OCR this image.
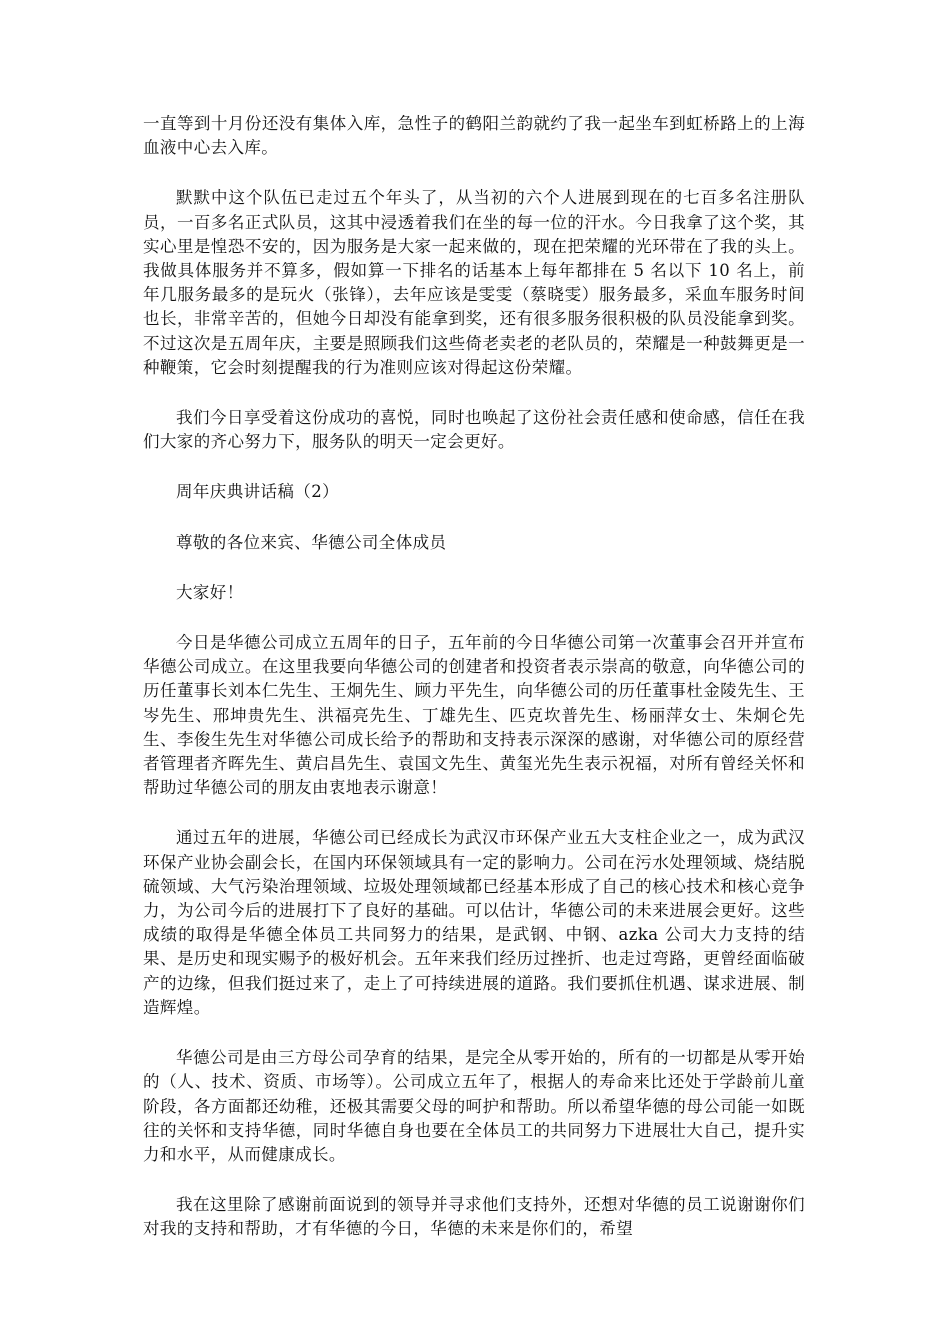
一直等到十月份还没有集体入库，急性子的鹤阳兰韵就约了我一起坐车到虹桥路上的上海血液中心去入库。

默默中这个队伍已走过五个年头了，从当初的六个人进展到现在的七百多名注册队员，一百多名正式队员，这其中浸透着我们在坐的每一位的汗水。今日我拿了这个奖，其实心里是惶恐不安的，因为服务是大家一起来做的，现在把荣耀的光环带在了我的头上。我做具体服务并不算多，假如算一下排名的话基本上每年都排在 5 名以下 10 名上，前年几服务最多的是玩火（张锋），去年应该是雯雯（蔡晓雯）服务最多，采血车服务时间也长，非常辛苦的，但她今日却没有能拿到奖，还有很多服务很积极的队员没能拿到奖。不过这次是五周年庆，主要是照顾我们这些倚老卖老的老队员的，荣耀是一种鼓舞更是一种鞭策，它会时刻提醒我的行为准则应该对得起这份荣耀。

我们今日享受着这份成功的喜悦，同时也唤起了这份社会责任感和使命感，信任在我们大家的齐心努力下，服务队的明天一定会更好。

周年庆典讲话稿（2）

尊敬的各位来宾、华德公司全体成员

大家好！

今日是华德公司成立五周年的日子，五年前的今日华德公司第一次董事会召开并宣布华德公司成立。在这里我要向华德公司的创建者和投资者表示崇高的敬意，向华德公司的历任董事长刘本仁先生、王炯先生、顾力平先生，向华德公司的历任董事杜金陵先生、王岑先生、邢坤贵先生、洪福亮先生、丁雄先生、匹克坎普先生、杨丽萍女士、朱炯仑先生、李俊生先生对华德公司成长给予的帮助和支持表示深深的感谢，对华德公司的原经营者管理者齐晖先生、黄启昌先生、袁国文先生、黄玺光先生表示祝福，对所有曾经关怀和帮助过华德公司的朋友由衷地表示谢意！

通过五年的进展，华德公司已经成长为武汉市环保产业五大支柱企业之一，成为武汉环保产业协会副会长，在国内环保领域具有一定的影响力。公司在污水处理领域、烧结脱硫领域、大气污染治理领域、垃圾处理领域都已经基本形成了自己的核心技术和核心竞争力，为公司今后的进展打下了良好的基础。可以估计，华德公司的未来进展会更好。这些成绩的取得是华德全体员工共同努力的结果，是武钢、中钢、azka 公司大力支持的结果、是历史和现实赐予的极好机会。五年来我们经历过挫折、也走过弯路，更曾经面临破产的边缘，但我们挺过来了，走上了可持续进展的道路。我们要抓住机遇、谋求进展、制造辉煌。

华德公司是由三方母公司孕育的结果，是完全从零开始的，所有的一切都是从零开始的（人、技术、资质、市场等）。公司成立五年了，根据人的寿命来比还处于学龄前儿童阶段，各方面都还幼稚，还极其需要父母的呵护和帮助。所以希望华德的母公司能一如既往的关怀和支持华德，同时华德自身也要在全体员工的共同努力下进展壮大自己，提升实力和水平，从而健康成长。

我在这里除了感谢前面说到的领导并寻求他们支持外，还想对华德的员工说谢谢你们对我的支持和帮助，才有华德的今日，华德的未来是你们的，希望
